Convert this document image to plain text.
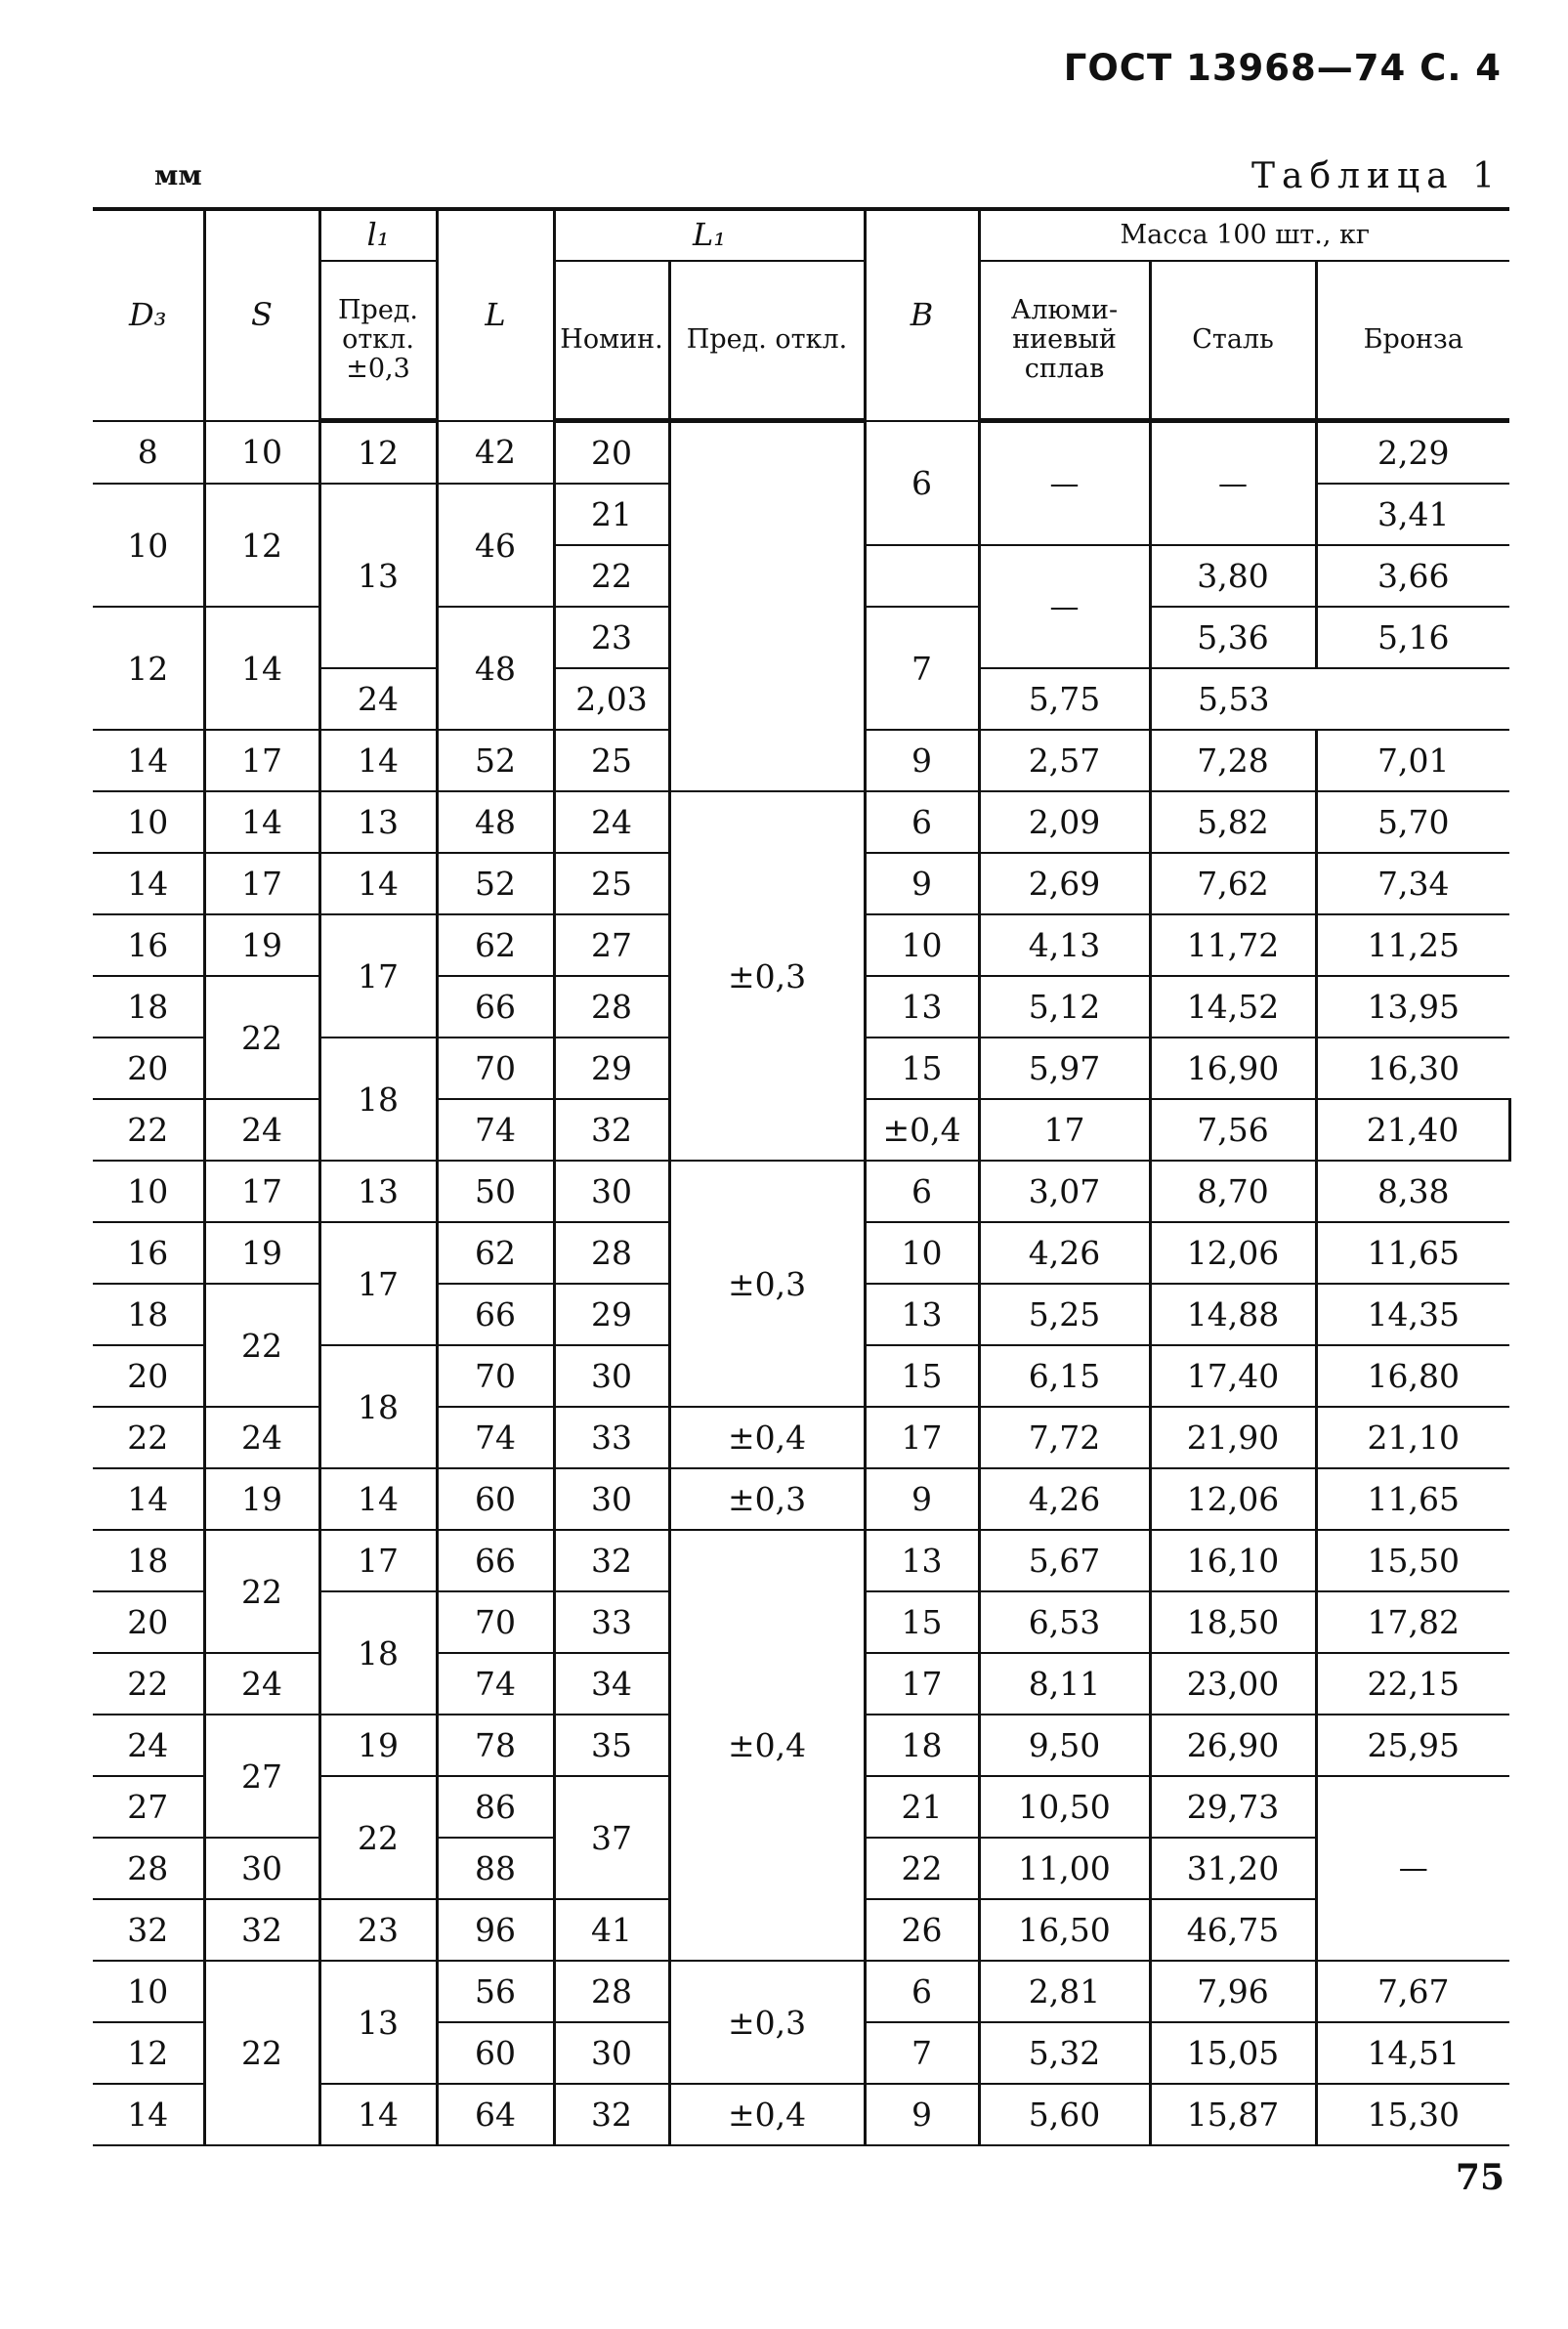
ГОСТ 13968—74 С. 4
мм	Таблица 1
D₃	S	l₁	L	L₁		B	Масса 100 шт., кг			
		Пред. откл. ±0,3		Номин.	Пред. откл.		Алюми- ниевый сплав	Сталь	Бронза	
8	10	12	42	20		6	—	—	2,29	
10	12	13	46	21					3,41	
				22			—	3,80	3,66	
12	14		48	23		7		5,36	5,16	
		24		2,03			5,75	5,53		
14	17	14	52	25		9	2,57	7,28	7,01	
10	14	13	48	24	±0,3	6	2,09	5,82	5,70	
14	17	14	52	25		9	2,69	7,62	7,34	
16	19	17	62	27		10	4,13	11,72	11,25	
18	22		66	28		13	5,12	14,52	13,95	
20		18	70	29		15	5,97	16,90	16,30	
22	24		74	32		±0,4	17	7,56	21,40	
10	17	13	50	30	±0,3	6	3,07	8,70	8,38	
16	19	17	62	28		10	4,26	12,06	11,65	
18	22		66	29		13	5,25	14,88	14,35	
20		18	70	30		15	6,15	17,40	16,80	
22	24		74	33	±0,4	17	7,72	21,90	21,10	
14	19	14	60	30	±0,3	9	4,26	12,06	11,65	
18	22	17	66	32	±0,4	13	5,67	16,10	15,50	
20		18	70	33		15	6,53	18,50	17,82	
22	24		74	34		17	8,11	23,00	22,15	
24	27	19	78	35		18	9,50	26,90	25,95	
27		22	86	37		21	10,50	29,73	—	
28	30		88			22	11,00	31,20		
32	32	23	96	41		26	16,50	46,75		
10	22	13	56	28	±0,3	6	2,81	7,96	7,67	
12			60	30		7	5,32	15,05	14,51	
14		14	64	32	±0,4	9	5,60	15,87	15,30	
75
